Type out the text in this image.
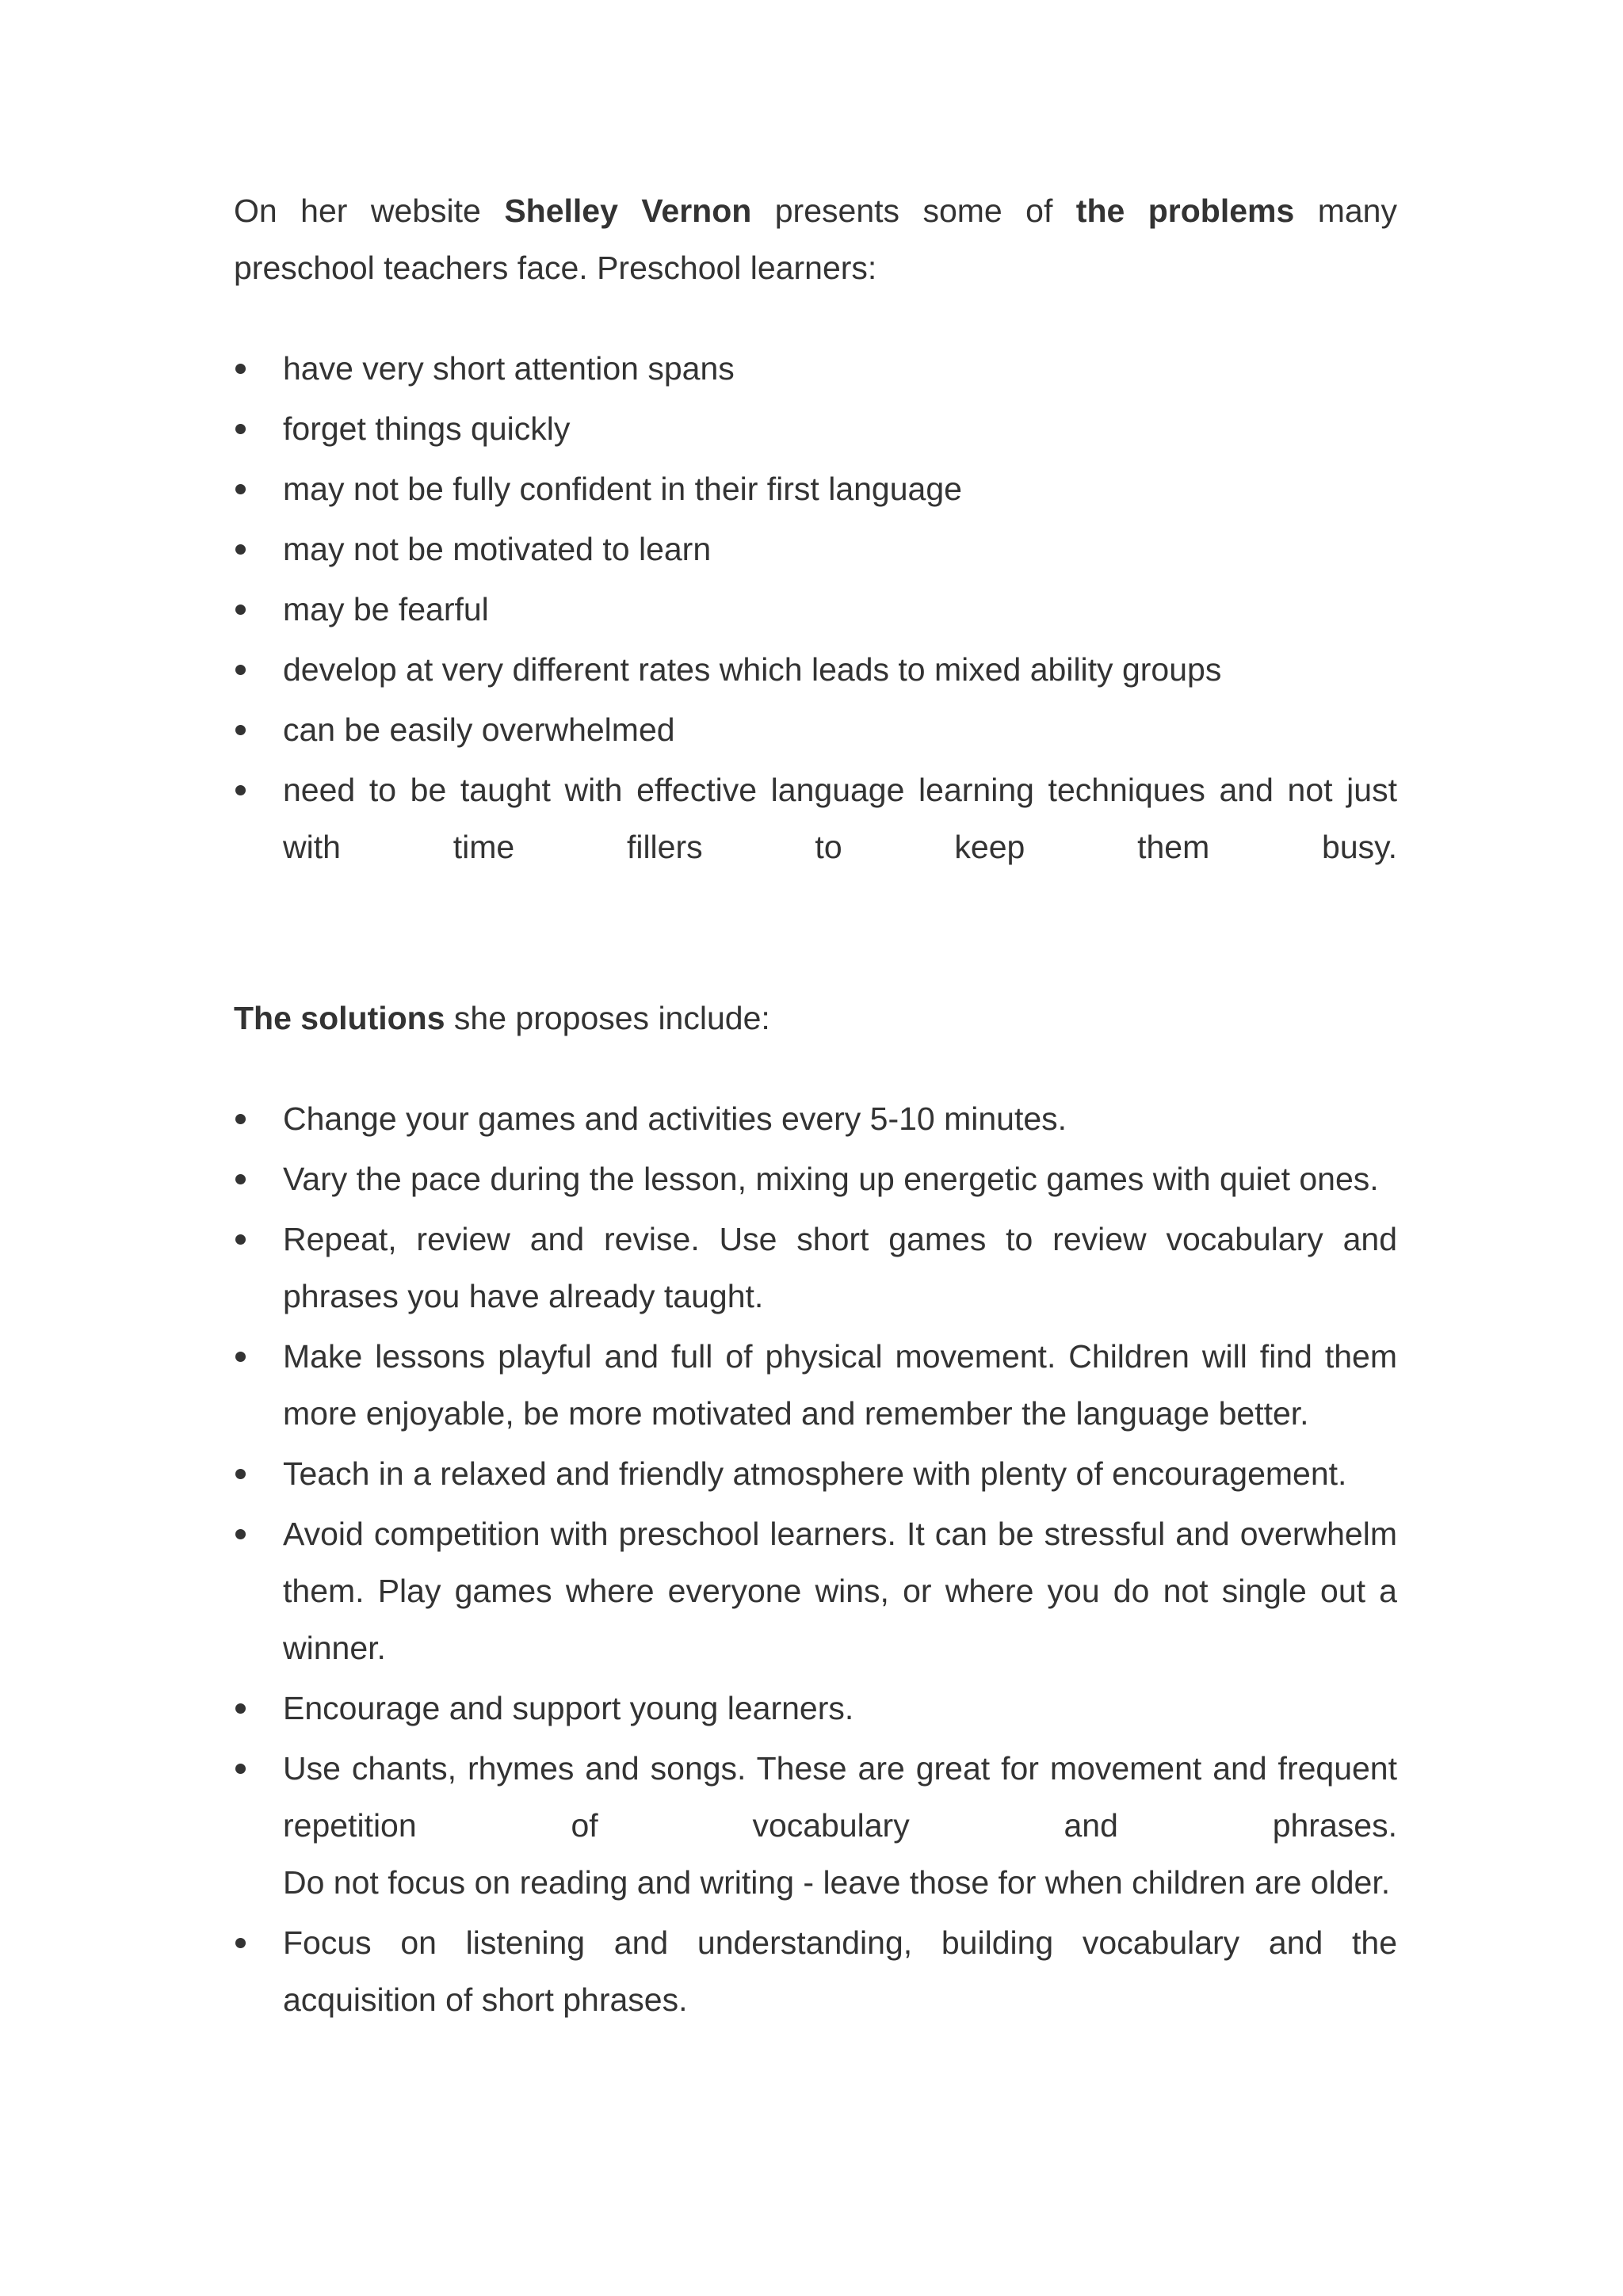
On her website Shelley Vernon presents some of the problems many preschool teachers face. Preschool learners:

have very short attention spans
forget things quickly
may not be fully confident in their first language
may not be motivated to learn
may be fearful
develop at very different rates which leads to mixed ability groups
can be easily overwhelmed
need to be taught with effective language learning techniques and not just
with	time	fillers	to	keep	them	busy.

The solutions she proposes include:

Change your games and activities every 5-10 minutes.
Vary the pace during the lesson, mixing up energetic games with quiet ones.
Repeat, review and revise. Use short games to review vocabulary and phrases you have already taught.
Make lessons playful and full of physical movement. Children will find them more enjoyable, be more motivated and remember the language better.
Teach in a relaxed and friendly atmosphere with plenty of encouragement.
Avoid competition with preschool learners. It can be stressful and overwhelm them. Play games where everyone wins, or where you do not single out a winner.
Encourage and support young learners.
Use chants, rhymes and songs. These are great for movement and frequent
repetition	of	vocabulary	and	phrases.
Do not focus on reading and writing - leave those for when children are older.
Focus on listening and understanding, building vocabulary and the acquisition of short phrases.
